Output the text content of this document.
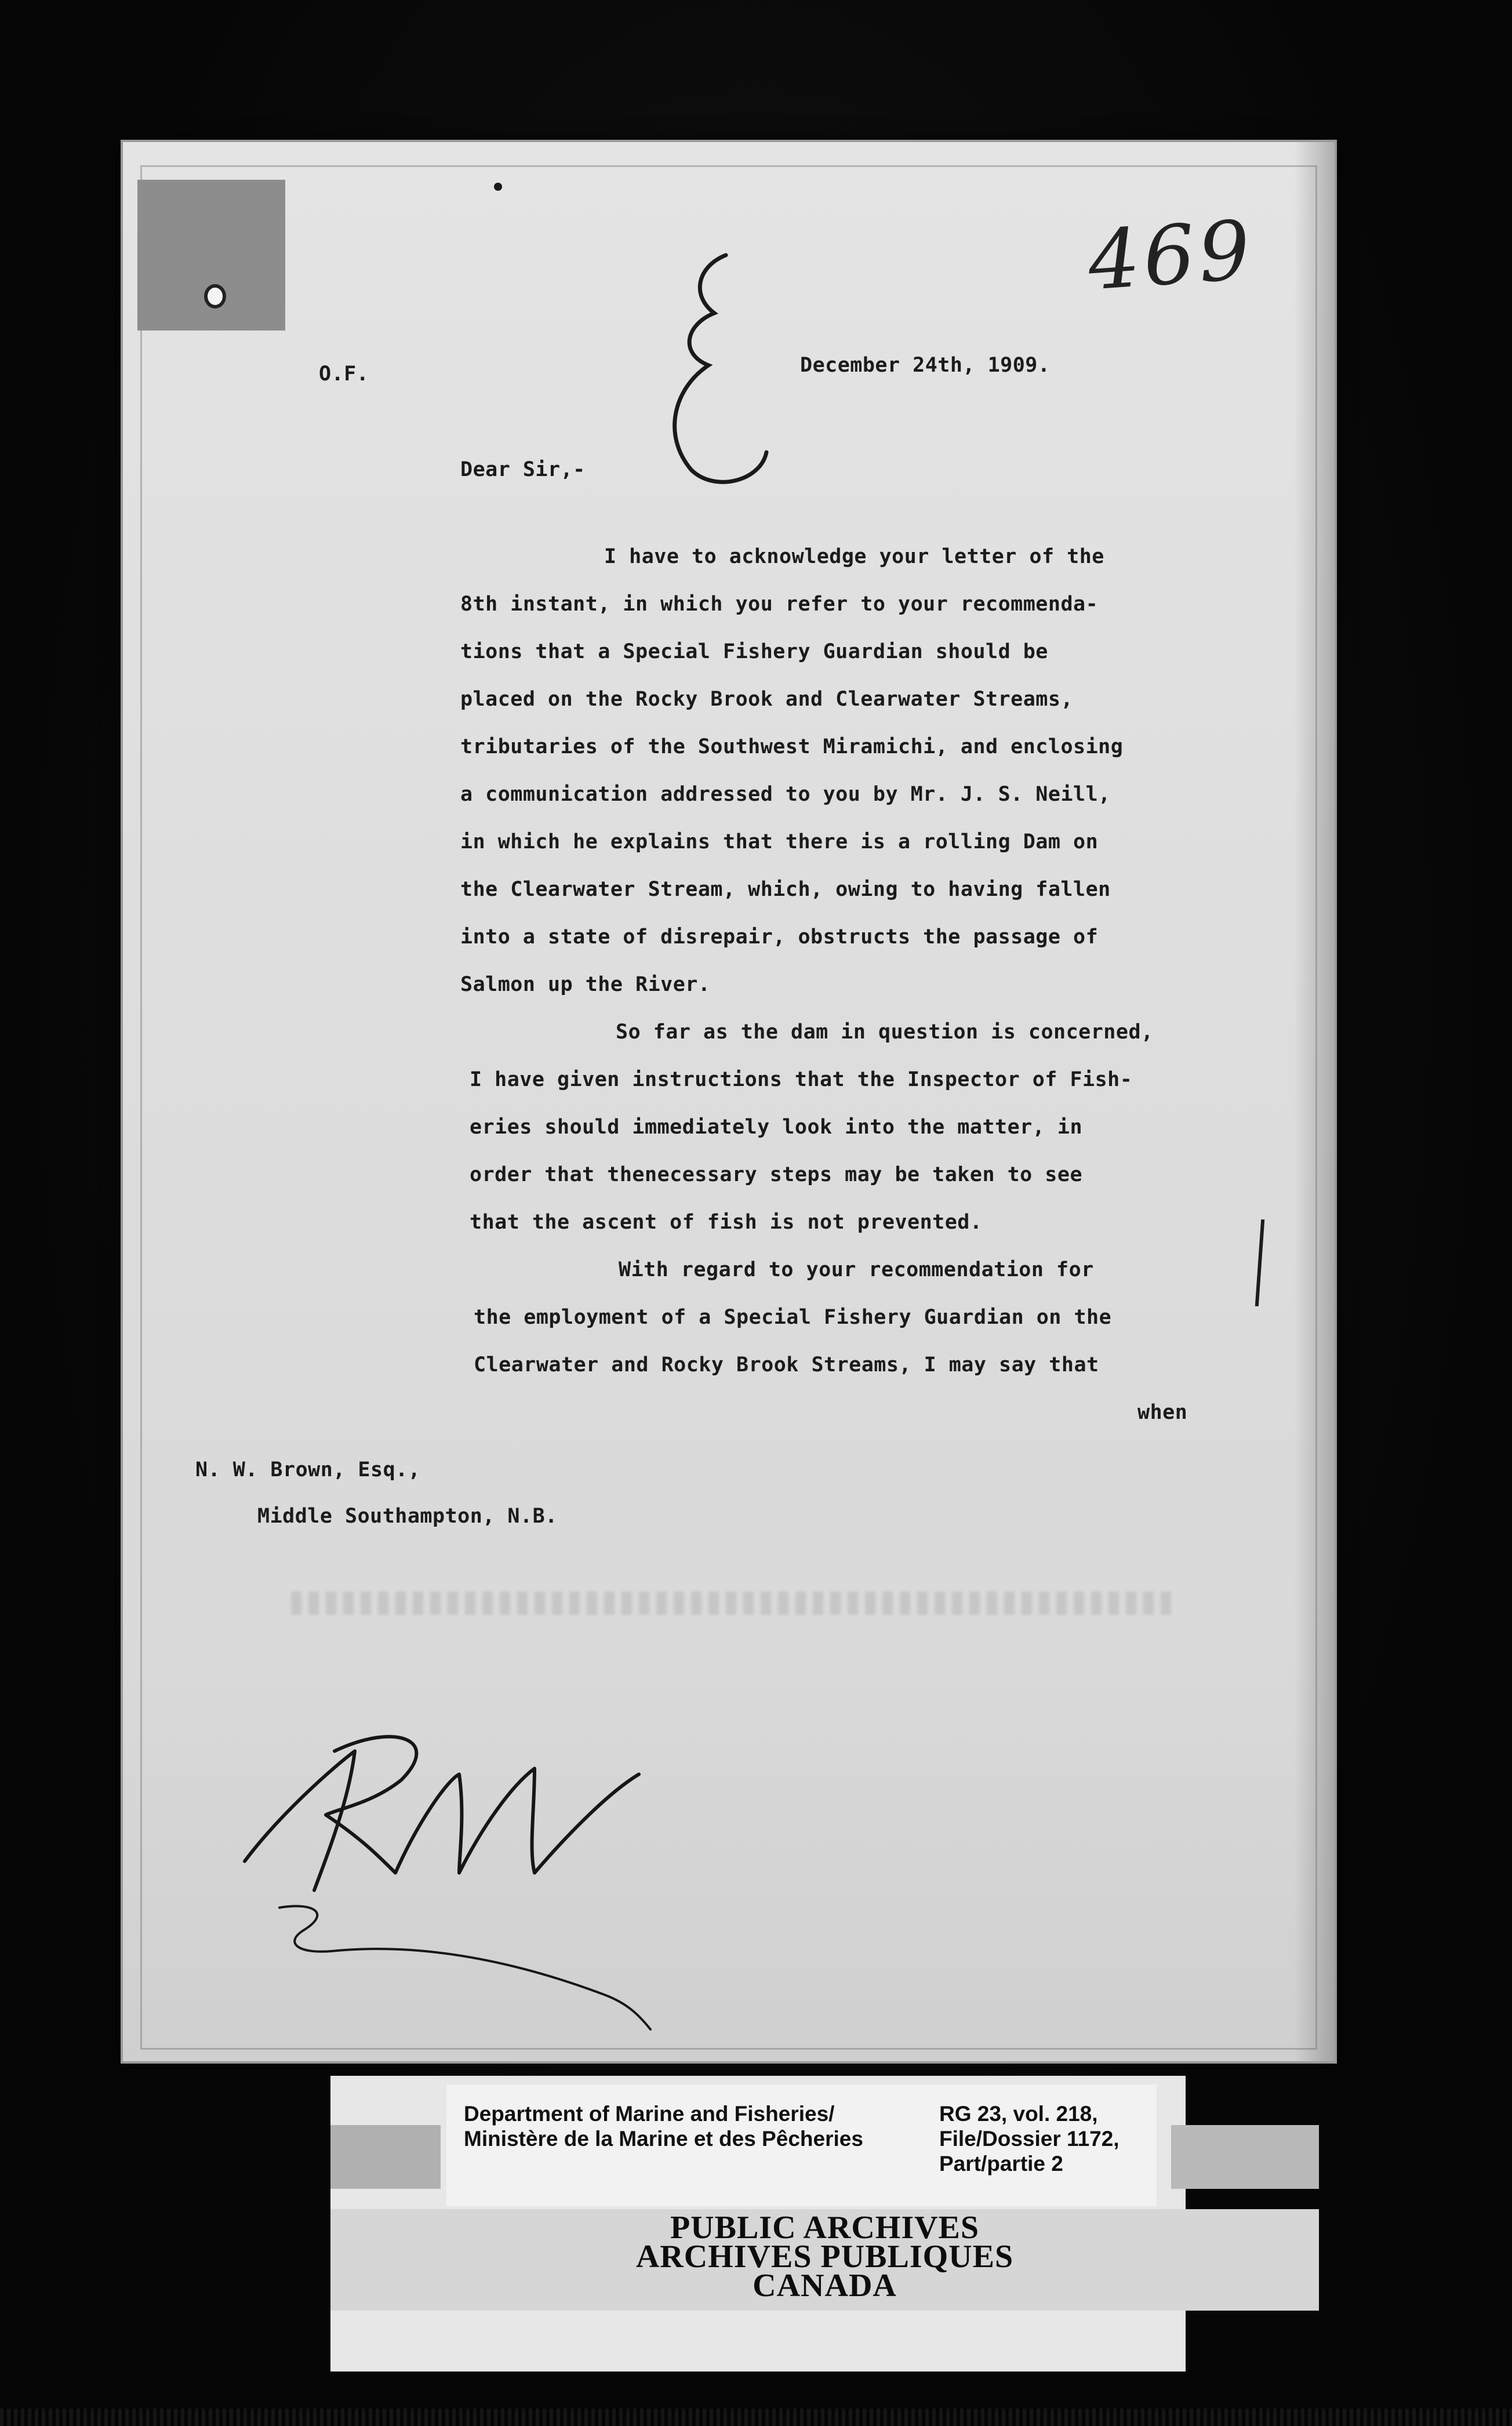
469
O.F.	December 24th, 1909.
Dear Sir,-
I have to acknowledge your letter of the
8th instant, in which you refer to your recommenda-
tions that a Special Fishery Guardian should be
placed on the Rocky Brook and Clearwater Streams,
tributaries of the Southwest Miramichi, and enclosing
a communication addressed to you by Mr. J. S. Neill,
in which he explains that there is a rolling Dam on
the Clearwater Stream, which, owing to having fallen
into a state of disrepair, obstructs the passage of
Salmon up the River.
So far as the dam in question is concerned,
I have given instructions that the Inspector of Fish-
eries should immediately look into the matter, in
order that thenecessary steps may be taken to see
that the ascent of fish is not prevented.
With regard to your recommendation for
the employment of a Special Fishery Guardian on the
Clearwater and Rocky Brook Streams, I may say that
when
N. W. Brown, Esq.,
Middle Southampton, N.B.
Department of Marine and Fisheries/
Ministère de la Marine et des Pêcheries
RG 23, vol. 218,
File/Dossier 1172,
Part/partie 2
PUBLIC ARCHIVES
ARCHIVES PUBLIQUES
CANADA
